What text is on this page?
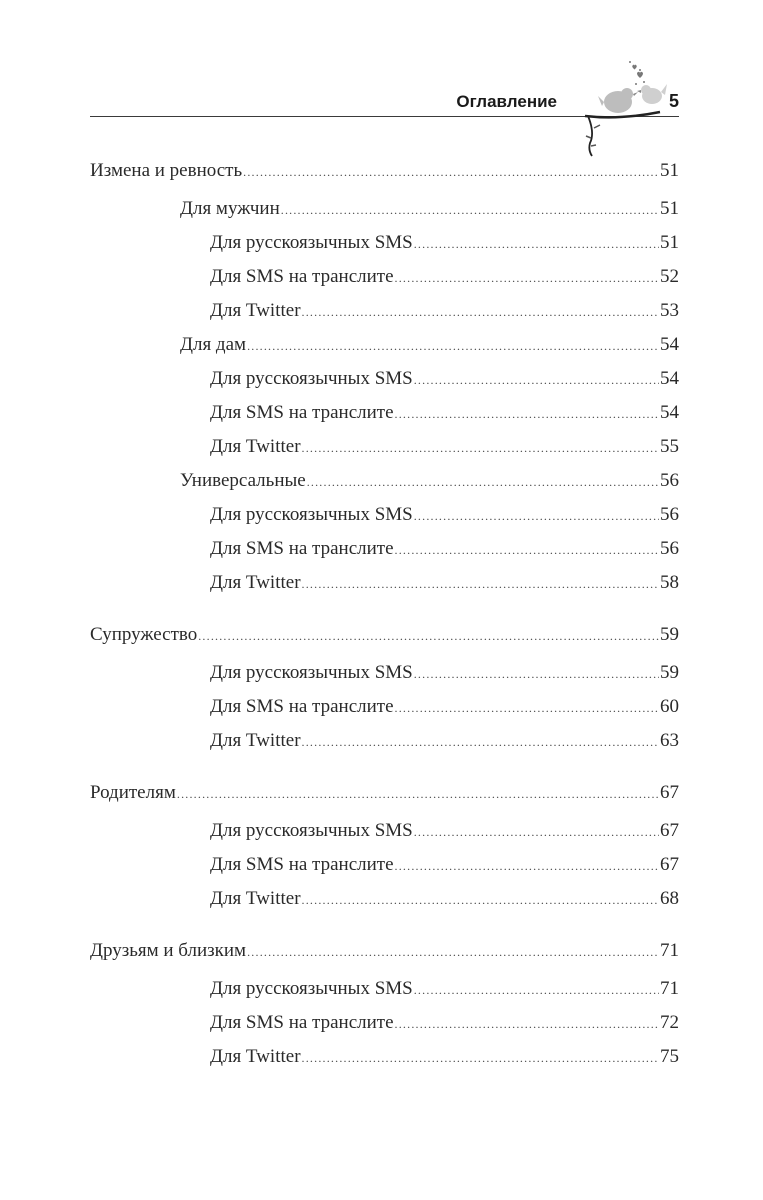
Оглавление	5
Измена и ревность .....	51
Для мужчин .....	51
Для русскоязычных SMS .....	51
Для SMS на транслите .....	52
Для Twitter .....	53
Для дам .....	54
Для русскоязычных SMS .....	54
Для SMS на транслите .....	54
Для Twitter .....	55
Универсальные .....	56
Для русскоязычных SMS .....	56
Для SMS на транслите .....	56
Для Twitter .....	58
Супружество .....	59
Для русскоязычных SMS .....	59
Для SMS на транслите .....	60
Для Twitter .....	63
Родителям .....	67
Для русскоязычных SMS .....	67
Для SMS на транслите .....	67
Для Twitter .....	68
Друзьям и близким .....	71
Для русскоязычных SMS .....	71
Для SMS на транслите .....	72
Для Twitter .....	75
